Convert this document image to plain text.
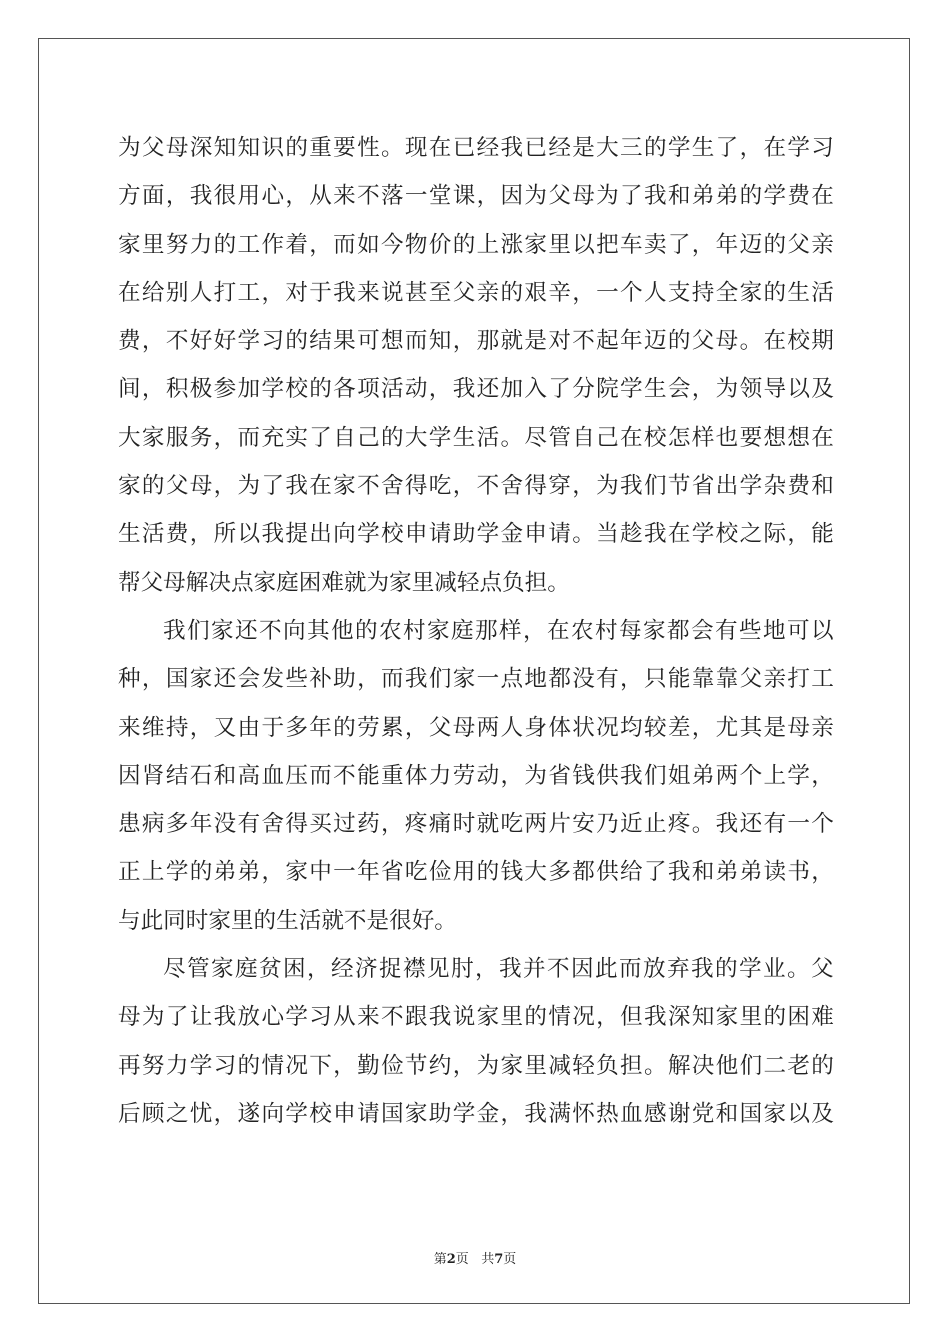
为 父 母 深 知 知 识 的 重 要 性 。 现 在 已 经 我 已 经 是 大 三 的 学 生 了 ， 在 学 习
方 面 ， 我 很 用 心 ， 从 来 不 落 一 堂 课 ， 因 为 父 母 为 了 我 和 弟 弟 的 学 费 在
家 里 努 力 的 工 作 着 ， 而 如 今 物 价 的 上 涨 家 里 以 把 车 卖 了 ， 年 迈 的 父 亲
在 给 别 人 打 工 ， 对 于 我 来 说 甚 至 父 亲 的 艰 辛 ， 一 个 人 支 持 全 家 的 生 活
费 ， 不 好 好 学 习 的 结 果 可 想 而 知 ， 那 就 是 对 不 起 年 迈 的 父 母 。 在 校 期
间 ， 积 极 参 加 学 校 的 各 项 活 动 ， 我 还 加 入 了 分 院 学 生 会 ， 为 领 导 以 及
大 家 服 务 ， 而 充 实 了 自 己 的 大 学 生 活 。 尽 管 自 己 在 校 怎 样 也 要 想 想 在
家 的 父 母 ， 为 了 我 在 家 不 舍 得 吃 ， 不 舍 得 穿 ， 为 我 们 节 省 出 学 杂 费 和
生 活 费 ， 所 以 我 提 出 向 学 校 申 请 助 学 金 申 请 。 当 趁 我 在 学 校 之 际 ， 能
帮父母解决点家庭困难就为家里减轻点负担。
我 们 家 还 不 向 其 他 的 农 村 家 庭 那 样 ， 在 农 村 每 家 都 会 有 些 地 可 以
种 ， 国 家 还 会 发 些 补 助 ， 而 我 们 家 一 点 地 都 没 有 ， 只 能 靠 靠 父 亲 打 工
来 维 持 ， 又 由 于 多 年 的 劳 累 ， 父 母 两 人 身 体 状 况 均 较 差 ， 尤 其 是 母 亲
因 肾 结 石 和 高 血 压 而 不 能 重 体 力 劳 动 ， 为 省 钱 供 我 们 姐 弟 两 个 上 学 ，
患 病 多 年 没 有 舍 得 买 过 药 ， 疼 痛 时 就 吃 两 片 安 乃 近 止 疼 。 我 还 有 一 个
正 上 学 的 弟 弟 ， 家 中 一 年 省 吃 俭 用 的 钱 大 多 都 供 给 了 我 和 弟 弟 读 书 ，
与此同时家里的生活就不是很好。
尽 管 家 庭 贫 困 ， 经 济 捉 襟 见 肘 ， 我 并 不 因 此 而 放 弃 我 的 学 业 。 父
母 为 了 让 我 放 心 学 习 从 来 不 跟 我 说 家 里 的 情 况 ， 但 我 深 知 家 里 的 困 难
再 努 力 学 习 的 情 况 下 ， 勤 俭 节 约 ， 为 家 里 减 轻 负 担 。 解 决 他 们 二 老 的
后 顾 之 忧 ， 遂 向 学 校 申 请 国 家 助 学 金 ， 我 满 怀 热 血 感 谢 党 和 国 家 以 及
第2页 共7页
